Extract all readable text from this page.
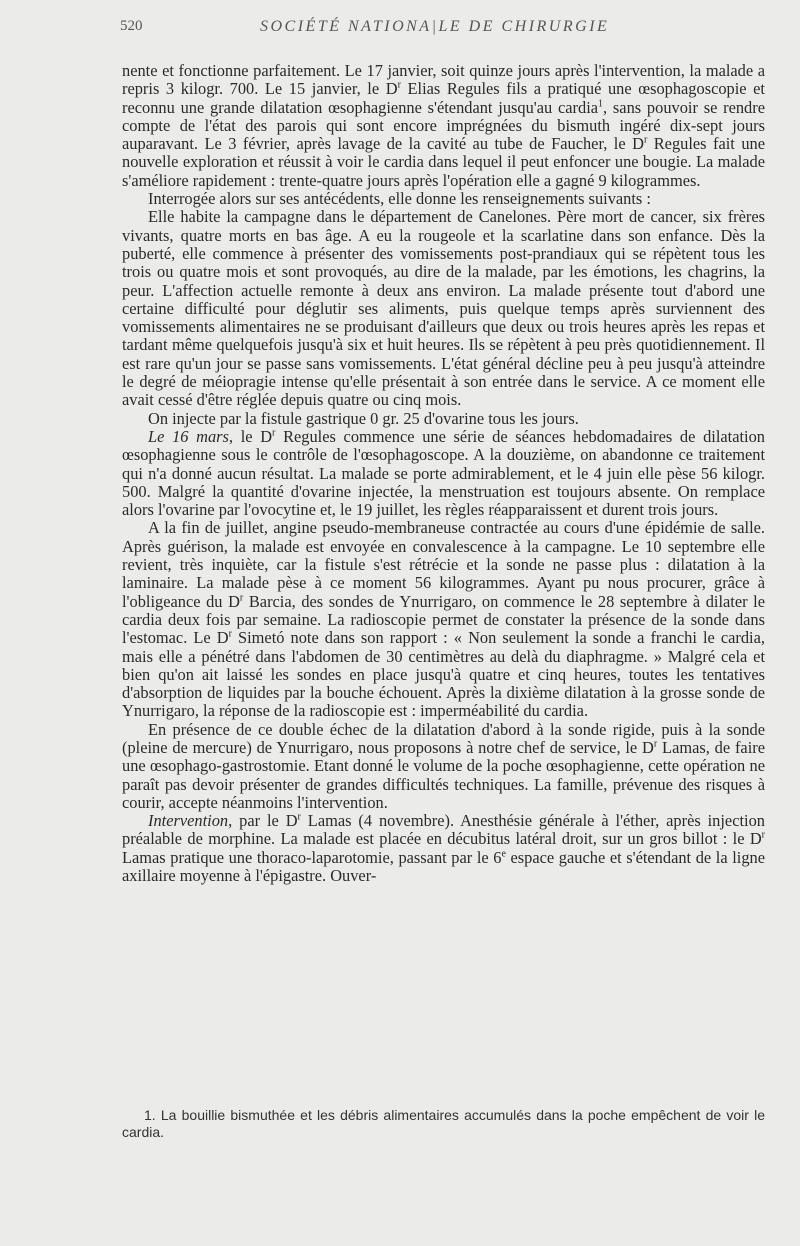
520	SOCIÉTÉ NATIONA|LE DE CHIRURGIE

nente et fonctionne parfaitement. Le 17 janvier, soit quinze jours après l'intervention, la malade a repris 3 kilogr. 700. Le 15 janvier, le $D^r$ Elias Regules fils a pratiqué une œsophagoscopie et reconnu une grande dilatation œsophagienne s'étendant jusqu'au cardia$^1$, sans pouvoir se rendre compte de l'état des parois qui sont encore imprégnées du bismuth ingéré dix-sept jours auparavant. Le 3 février, après lavage de la cavité au tube de Faucher, le $D^r$ Regules fait une nouvelle exploration et réussit à voir le cardia dans lequel il peut enfoncer une bougie. La malade s'améliore rapidement : trente-quatre jours après l'opération elle a gagné 9 kilogrammes.

Interrogée alors sur ses antécédents, elle donne les renseignements suivants :

Elle habite la campagne dans le département de Canelones. Père mort de cancer, six frères vivants, quatre morts en bas âge. A eu la rougeole et la scarlatine dans son enfance. Dès la puberté, elle commence à présenter des vomissements post-prandiaux qui se répètent tous les trois ou quatre mois et sont provoqués, au dire de la malade, par les émotions, les chagrins, la peur. L'affection actuelle remonte à deux ans environ. La malade présente tout d'abord une certaine difficulté pour déglutir ses aliments, puis quelque temps après surviennent des vomissements alimentaires ne se produisant d'ailleurs que deux ou trois heures après les repas et tardant même quelquefois jusqu'à six et huit heures. Ils se répètent à peu près quotidiennement. Il est rare qu'un jour se passe sans vomissements. L'état général décline peu à peu jusqu'à atteindre le degré de méiopragie intense qu'elle présentait à son entrée dans le service. A ce moment elle avait cessé d'être réglée depuis quatre ou cinq mois.

On injecte par la fistule gastrique 0 gr. 25 d'ovarine tous les jours.

Le 16 mars, le $D^r$ Regules commence une série de séances hebdomadaires de dilatation œsophagienne sous le contrôle de l'œsophagoscope. A la douzième, on abandonne ce traitement qui n'a donné aucun résultat. La malade se porte admirablement, et le 4 juin elle pèse 56 kilogr. 500. Malgré la quantité d'ovarine injectée, la menstruation est toujours absente. On remplace alors l'ovarine par l'ovocytine et, le 19 juillet, les règles réapparaissent et durent trois jours.

A la fin de juillet, angine pseudo-membraneuse contractée au cours d'une épidémie de salle. Après guérison, la malade est envoyée en convalescence à la campagne. Le 10 septembre elle revient, très inquiète, car la fistule s'est rétrécie et la sonde ne passe plus : dilatation à la laminaire. La malade pèse à ce moment 56 kilogrammes. Ayant pu nous procurer, grâce à l'obligeance du $D^r$ Barcia, des sondes de Ynurrigaro, on commence le 28 septembre à dilater le cardia deux fois par semaine. La radioscopie permet de constater la présence de la sonde dans l'estomac. Le $D^r$ Simetó note dans son rapport : « Non seulement la sonde a franchi le cardia, mais elle a pénétré dans l'abdomen de 30 centimètres au delà du diaphragme. » Malgré cela et bien qu'on ait laissé les sondes en place jusqu'à quatre et cinq heures, toutes les tentatives d'absorption de liquides par la bouche échouent. Après la dixième dilatation à la grosse sonde de Ynurrigaro, la réponse de la radioscopie est : imperméabilité du cardia.

En présence de ce double échec de la dilatation d'abord à la sonde rigide, puis à la sonde (pleine de mercure) de Ynurrigaro, nous proposons à notre chef de service, le $D^r$ Lamas, de faire une œsophago-gastrostomie. Etant donné le volume de la poche œsophagienne, cette opération ne paraît pas devoir présenter de grandes difficultés techniques. La famille, prévenue des risques à courir, accepte néanmoins l'intervention.

Intervention, par le $D^r$ Lamas (4 novembre). Anesthésie générale à l'éther, après injection préalable de morphine. La malade est placée en décubitus latéral droit, sur un gros billot : le $D^r$ Lamas pratique une thoraco-laparotomie, passant par le 6e espace gauche et s'étendant de la ligne axillaire moyenne à l'épigastre. Ouver-

1. La bouillie bismuthée et les débris alimentaires accumulés dans la poche empêchent de voir le cardia.
